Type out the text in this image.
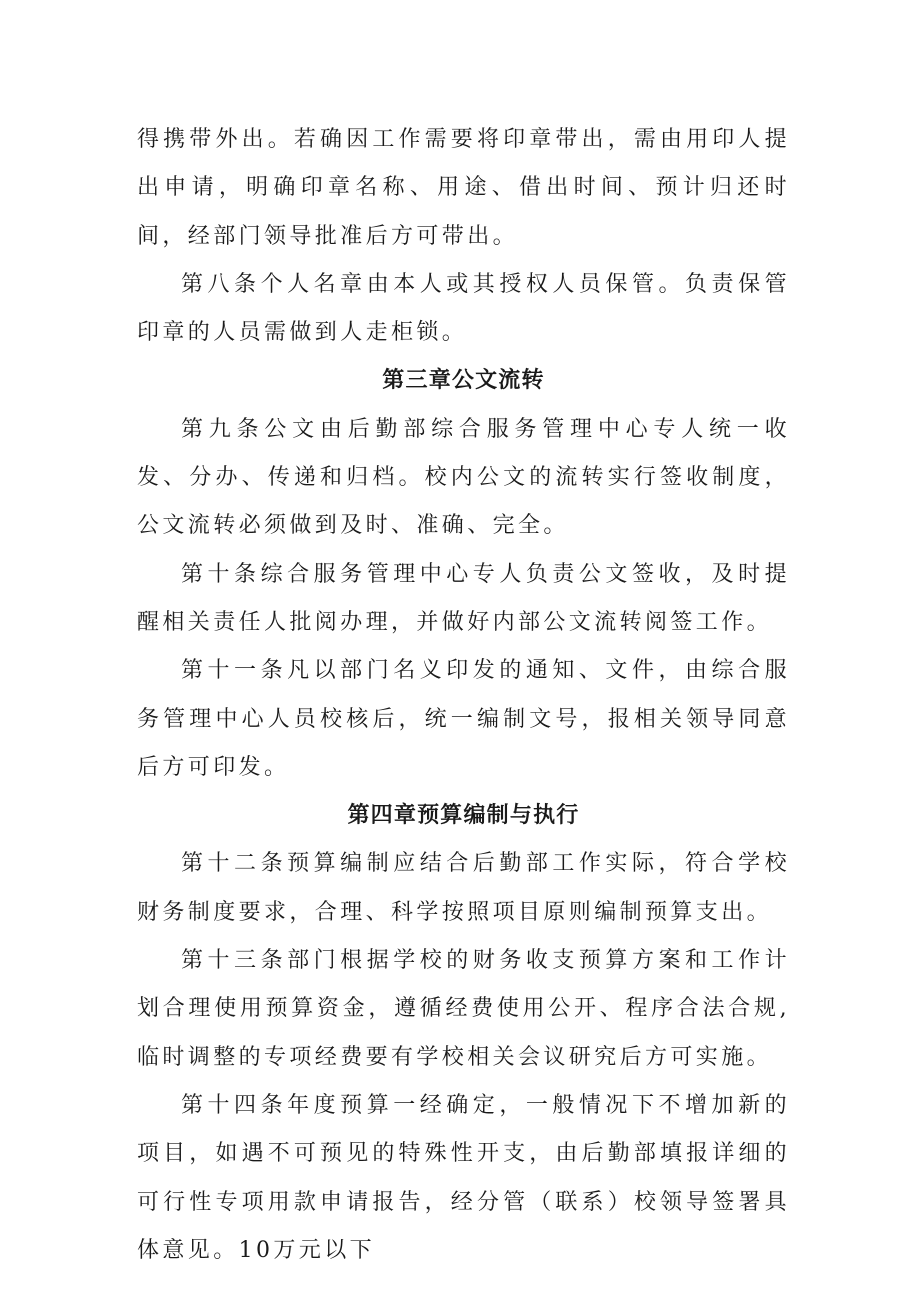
得携带外出。若确因工作需要将印章带出，需由用印人提出申请，明确印章名称、用途、借出时间、预计归还时间，经部门领导批准后方可带出。

第八条个人名章由本人或其授权人员保管。负责保管印章的人员需做到人走柜锁。

第三章公文流转

第九条公文由后勤部综合服务管理中心专人统一收发、分办、传递和归档。校内公文的流转实行签收制度，公文流转必须做到及时、准确、完全。

第十条综合服务管理中心专人负责公文签收，及时提醒相关责任人批阅办理，并做好内部公文流转阅签工作。

第十一条凡以部门名义印发的通知、文件，由综合服务管理中心人员校核后，统一编制文号，报相关领导同意后方可印发。

第四章预算编制与执行

第十二条预算编制应结合后勤部工作实际，符合学校财务制度要求，合理、科学按照项目原则编制预算支出。

第十三条部门根据学校的财务收支预算方案和工作计划合理使用预算资金，遵循经费使用公开、程序合法合规,临时调整的专项经费要有学校相关会议研究后方可实施。

第十四条年度预算一经确定，一般情况下不增加新的项目，如遇不可预见的特殊性开支，由后勤部填报详细的可行性专项用款申请报告，经分管（联系）校领导签署具体意见。10万元以下
